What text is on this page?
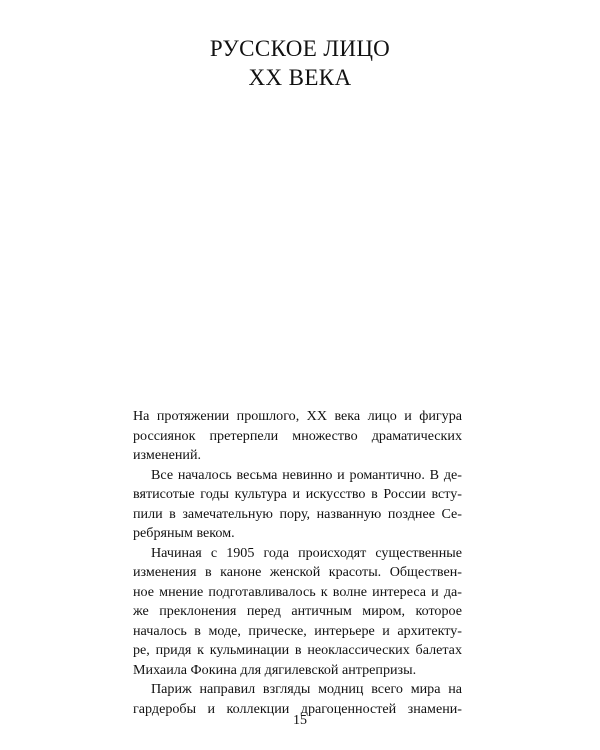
РУССКОЕ ЛИЦО
XX ВЕКА

На протяжении прошлого, XX века лицо и фигура
россиянок претерпели множество драматических
изменений.

Все началось весьма невинно и романтично. В де-
вятисотые годы культура и искусство в России всту-
пили в замечательную пору, названную позднее Се-
ребряным веком.

Начиная с 1905 года происходят существенные
изменения в каноне женской красоты. Обществен-
ное мнение подготавливалось к волне интереса и да-
же преклонения перед античным миром, которое
началось в моде, прическе, интерьере и архитекту-
ре, придя к кульминации в неоклассических балетах
Михаила Фокина для дягилевской антрепризы.

Париж направил взгляды модниц всего мира на
гардеробы и коллекции драгоценностей знамени-

15
